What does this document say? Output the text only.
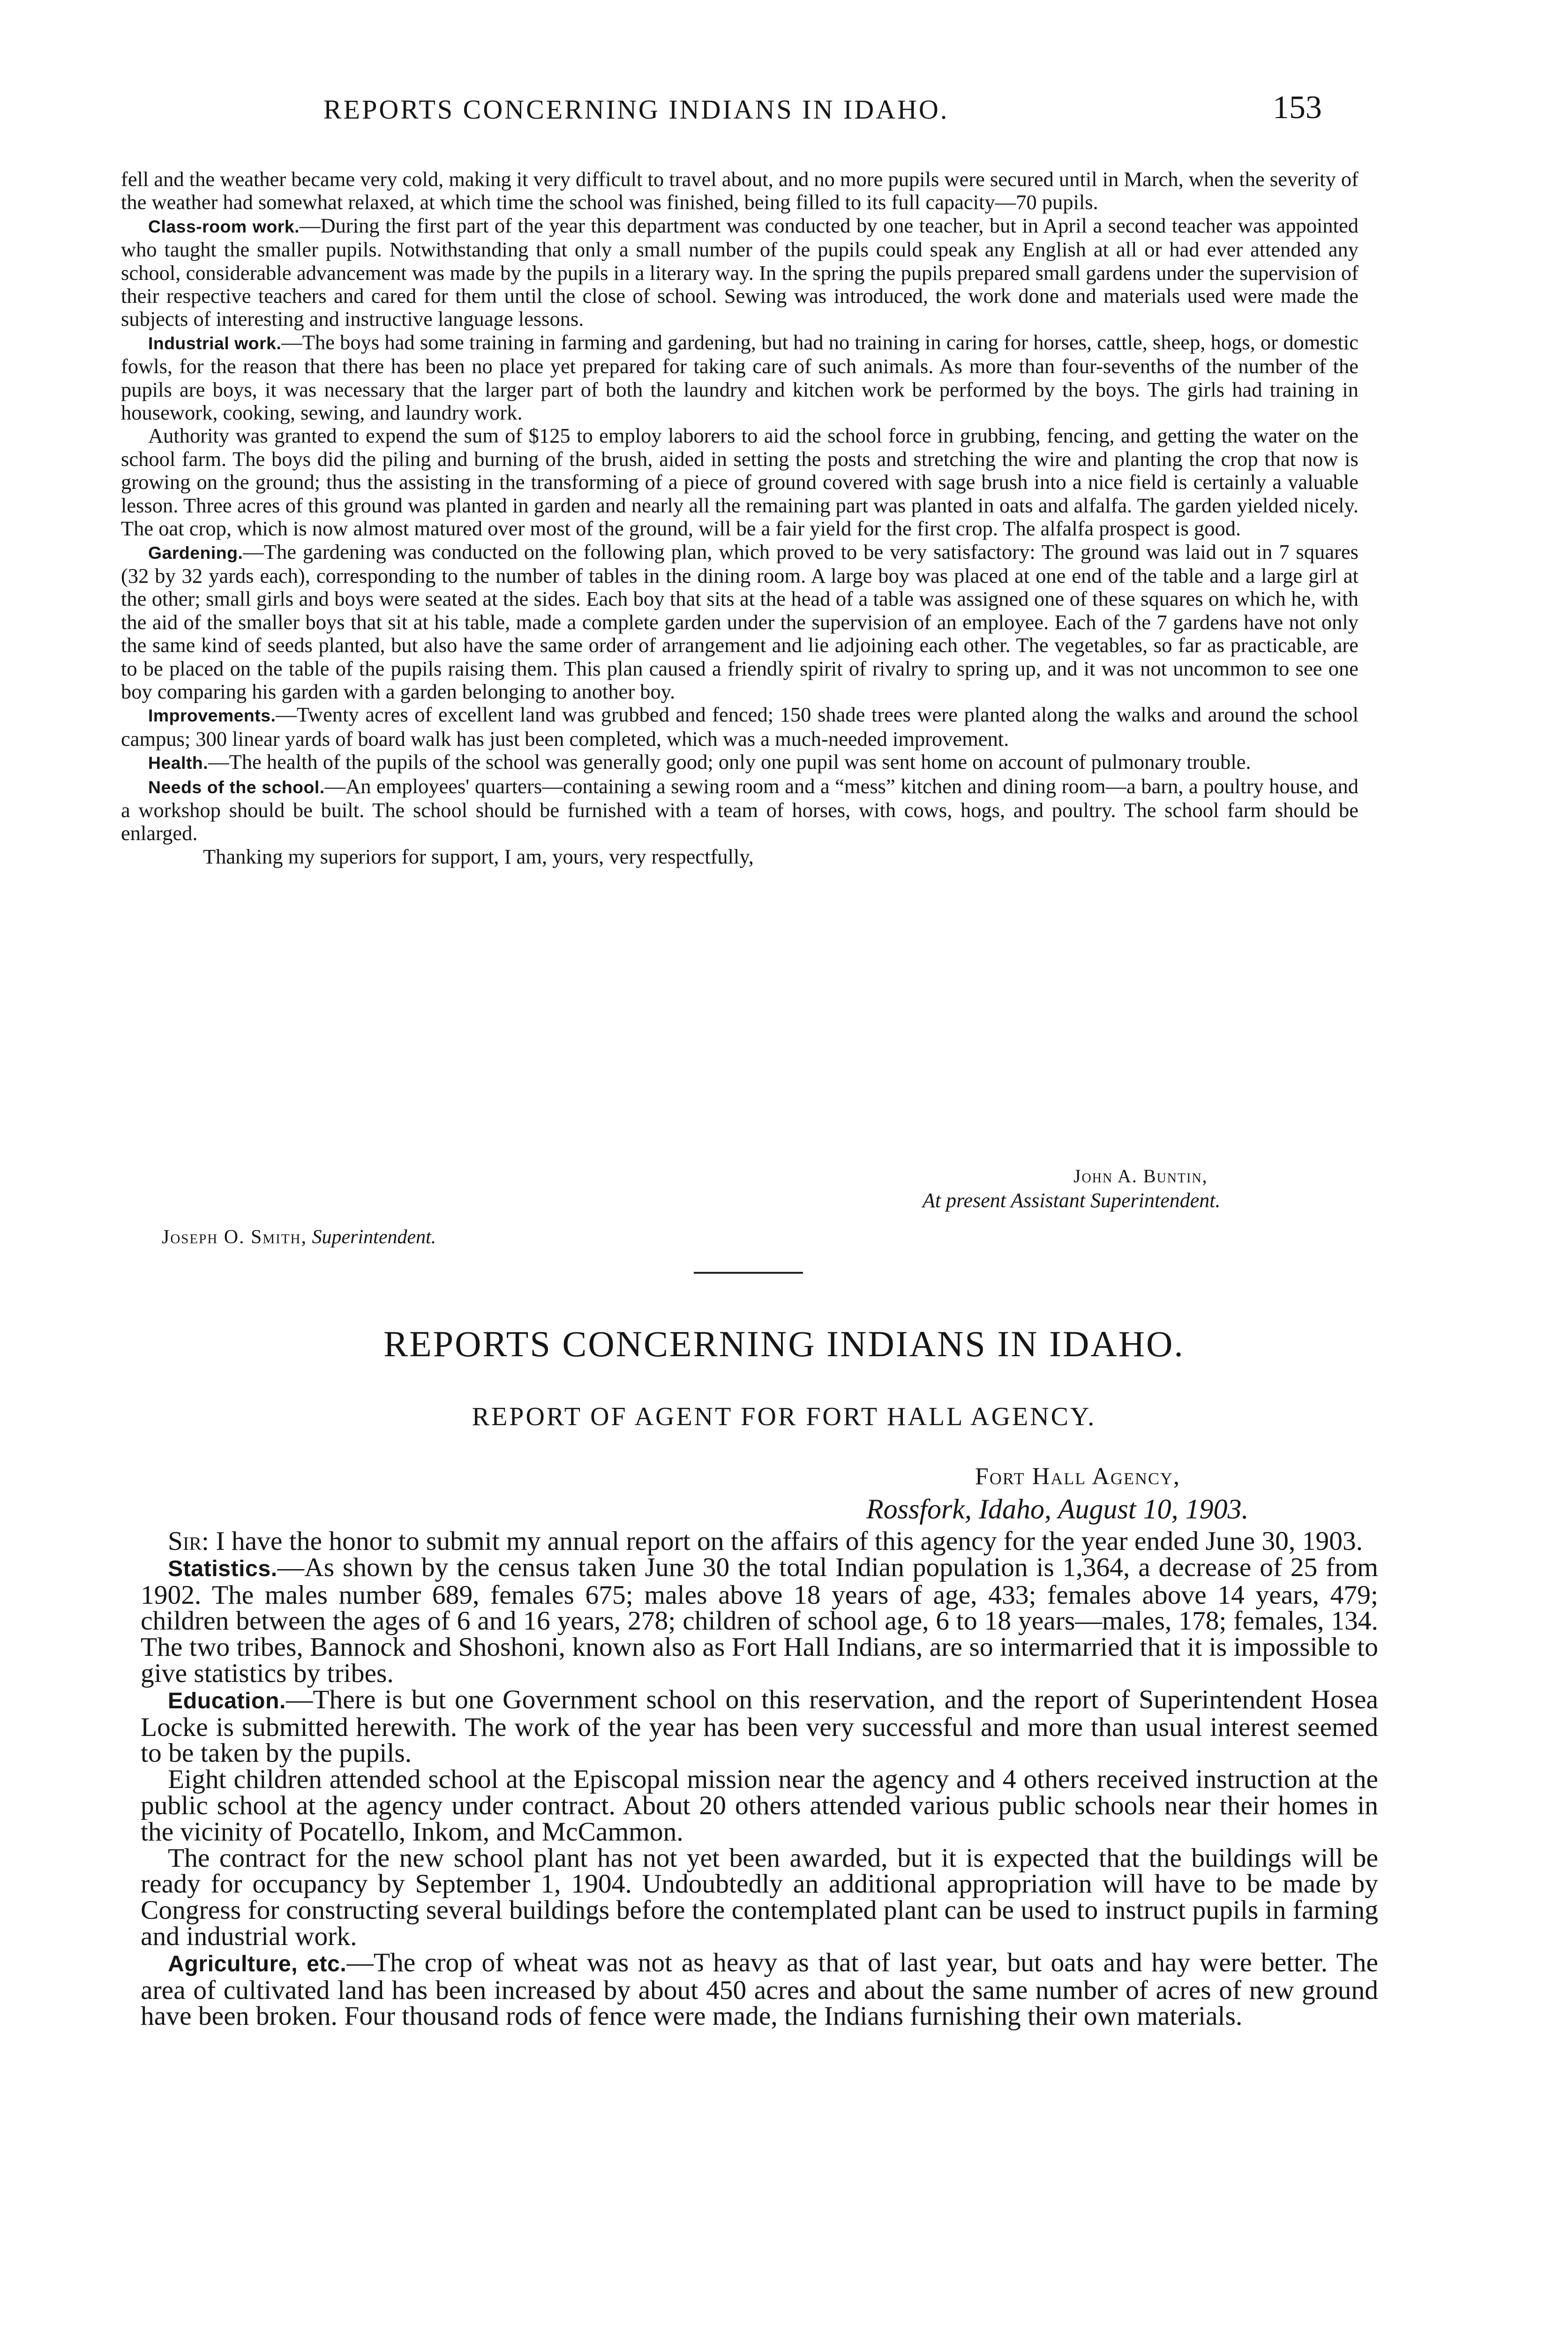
REPORTS CONCERNING INDIANS IN IDAHO.	153

fell and the weather became very cold, making it very difficult to travel about, and no more pupils were secured until in March, when the severity of the weather had somewhat relaxed, at which time the school was finished, being filled to its full capacity—70 pupils.

Class-room work.—During the first part of the year this department was conducted by one teacher, but in April a second teacher was appointed who taught the smaller pupils. Notwithstanding that only a small number of the pupils could speak any English at all or had ever attended any school, considerable advancement was made by the pupils in a literary way. In the spring the pupils prepared small gardens under the supervision of their respective teachers and cared for them until the close of school. Sewing was introduced, the work done and materials used were made the subjects of interesting and instructive language lessons.

Industrial work.—The boys had some training in farming and gardening, but had no training in caring for horses, cattle, sheep, hogs, or domestic fowls, for the reason that there has been no place yet prepared for taking care of such animals. As more than four-sevenths of the number of the pupils are boys, it was necessary that the larger part of both the laundry and kitchen work be performed by the boys. The girls had training in housework, cooking, sewing, and laundry work.

Authority was granted to expend the sum of $125 to employ laborers to aid the school force in grubbing, fencing, and getting the water on the school farm. The boys did the piling and burning of the brush, aided in setting the posts and stretching the wire and planting the crop that now is growing on the ground; thus the assisting in the transforming of a piece of ground covered with sage brush into a nice field is certainly a valuable lesson. Three acres of this ground was planted in garden and nearly all the remaining part was planted in oats and alfalfa. The garden yielded nicely. The oat crop, which is now almost matured over most of the ground, will be a fair yield for the first crop. The alfalfa prospect is good.

Gardening.—The gardening was conducted on the following plan, which proved to be very satisfactory: The ground was laid out in 7 squares (32 by 32 yards each), corresponding to the number of tables in the dining room. A large boy was placed at one end of the table and a large girl at the other; small girls and boys were seated at the sides. Each boy that sits at the head of a table was assigned one of these squares on which he, with the aid of the smaller boys that sit at his table, made a complete garden under the supervision of an employee. Each of the 7 gardens have not only the same kind of seeds planted, but also have the same order of arrangement and lie adjoining each other. The vegetables, so far as practicable, are to be placed on the table of the pupils raising them. This plan caused a friendly spirit of rivalry to spring up, and it was not uncommon to see one boy comparing his garden with a garden belonging to another boy.

Improvements.—Twenty acres of excellent land was grubbed and fenced; 150 shade trees were planted along the walks and around the school campus; 300 linear yards of board walk has just been completed, which was a much-needed improvement.

Health.—The health of the pupils of the school was generally good; only one pupil was sent home on account of pulmonary trouble.

Needs of the school.—An employees' quarters—containing a sewing room and a “mess” kitchen and dining room—a barn, a poultry house, and a workshop should be built. The school should be furnished with a team of horses, with cows, hogs, and poultry. The school farm should be enlarged.

Thanking my superiors for support, I am, yours, very respectfully,

John A. Buntin,
At present Assistant Superintendent.
Joseph O. Smith, Superintendent.
REPORTS CONCERNING INDIANS IN IDAHO.
REPORT OF AGENT FOR FORT HALL AGENCY.
Fort Hall Agency,
Rossfork, Idaho, August 10, 1903.

Sir: I have the honor to submit my annual report on the affairs of this agency for the year ended June 30, 1903.

Statistics.—As shown by the census taken June 30 the total Indian population is 1,364, a decrease of 25 from 1902. The males number 689, females 675; males above 18 years of age, 433; females above 14 years, 479; children between the ages of 6 and 16 years, 278; children of school age, 6 to 18 years—males, 178; females, 134. The two tribes, Bannock and Shoshoni, known also as Fort Hall Indians, are so intermarried that it is impossible to give statistics by tribes.

Education.—There is but one Government school on this reservation, and the report of Superintendent Hosea Locke is submitted herewith. The work of the year has been very successful and more than usual interest seemed to be taken by the pupils.

Eight children attended school at the Episcopal mission near the agency and 4 others received instruction at the public school at the agency under contract. About 20 others attended various public schools near their homes in the vicinity of Pocatello, Inkom, and McCammon.

The contract for the new school plant has not yet been awarded, but it is expected that the buildings will be ready for occupancy by September 1, 1904. Undoubtedly an additional appropriation will have to be made by Congress for constructing several buildings before the contemplated plant can be used to instruct pupils in farming and industrial work.

Agriculture, etc.—The crop of wheat was not as heavy as that of last year, but oats and hay were better. The area of cultivated land has been increased by about 450 acres and about the same number of acres of new ground have been broken. Four thousand rods of fence were made, the Indians furnishing their own materials.
